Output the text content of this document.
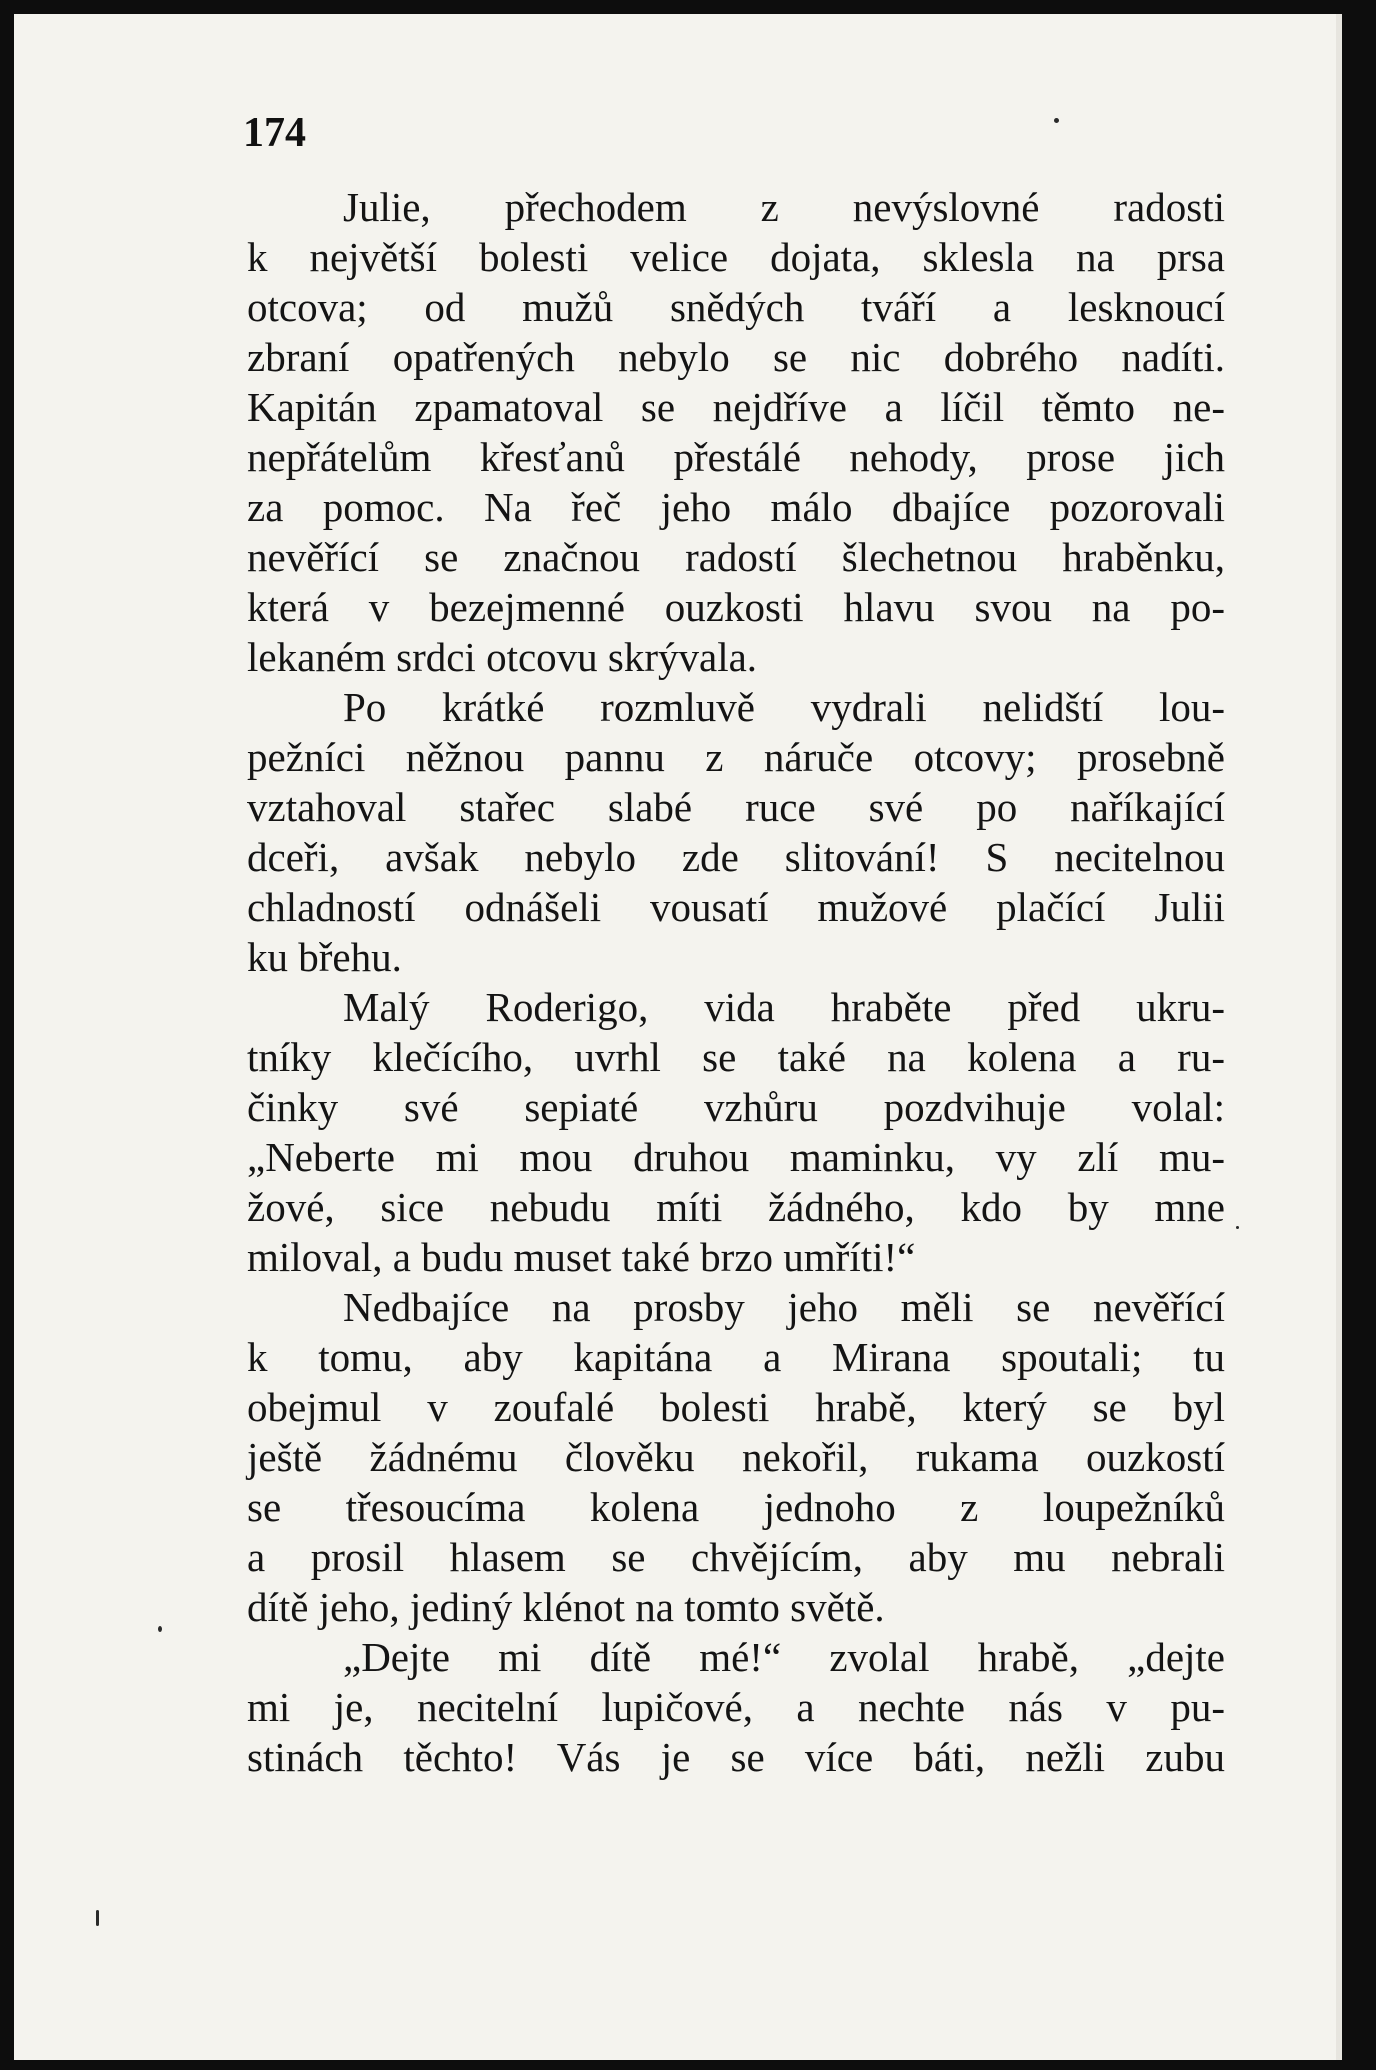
174
Julie, přechodem z nevýslovné radosti
k největší bolesti velice dojata, sklesla na prsa
otcova; od mužů snědých tváří a lesknoucí
zbraní opatřených nebylo se nic dobrého nadíti.
Kapitán zpamatoval se nejdříve a líčil těmto ne-
nepřátelům křesťanů přestálé nehody, prose jich
za pomoc. Na řeč jeho málo dbajíce pozorovali
nevěřící se značnou radostí šlechetnou hraběnku,
která v bezejmenné ouzkosti hlavu svou na po-
lekaném srdci otcovu skrývala.
Po krátké rozmluvě vydrali nelidští lou-
pežníci něžnou pannu z náruče otcovy; prosebně
vztahoval stařec slabé ruce své po naříkající
dceři, avšak nebylo zde slitování! S necitelnou
chladností odnášeli vousatí mužové plačící Julii
ku břehu.
Malý Roderigo, vida hraběte před ukru-
tníky klečícího, uvrhl se také na kolena a ru-
činky své sepiaté vzhůru pozdvihuje volal:
„Neberte mi mou druhou maminku, vy zlí mu-
žové, sice nebudu míti žádného, kdo by mne
miloval, a budu muset také brzo umříti!“
Nedbajíce na prosby jeho měli se nevěřící
k tomu, aby kapitána a Mirana spoutali; tu
obejmul v zoufalé bolesti hrabě, který se byl
ještě žádnému člověku nekořil, rukama ouzkostí
se třesoucíma kolena jednoho z loupežníků
a prosil hlasem se chvějícím, aby mu nebrali
dítě jeho, jediný klénot na tomto světě.
„Dejte mi dítě mé!“ zvolal hrabě, „dejte
mi je, necitelní lupičové, a nechte nás v pu-
stinách těchto! Vás je se více báti, nežli zubu
